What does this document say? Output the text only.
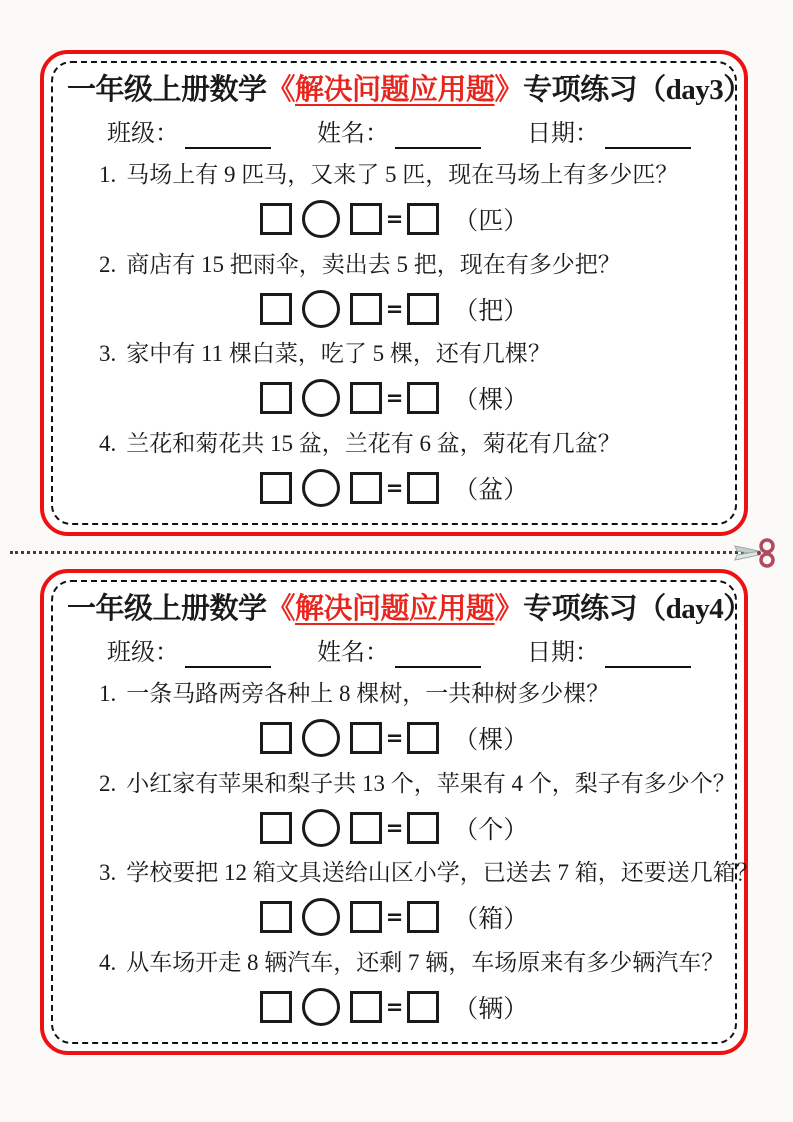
一年级上册数学《解决问题应用题》专项练习（day3）
班级：	姓名：	日期：
1. 马场上有 9 匹马，又来了 5 匹，现在马场上有多少匹？
= （匹）
2. 商店有 15 把雨伞，卖出去 5 把，现在有多少把？
= （把）
3. 家中有 11 棵白菜，吃了 5 棵，还有几棵？
= （棵）
4. 兰花和菊花共 15 盆，兰花有 6 盆，菊花有几盆？
= （盆）
一年级上册数学《解决问题应用题》专项练习（day4）
班级：	姓名：	日期：
1. 一条马路两旁各种上 8 棵树，一共种树多少棵？
= （棵）
2. 小红家有苹果和梨子共 13 个，苹果有 4 个，梨子有多少个？
= （个）
3. 学校要把 12 箱文具送给山区小学，已送去 7 箱，还要送几箱？
= （箱）
4. 从车场开走 8 辆汽车，还剩 7 辆，车场原来有多少辆汽车？
= （辆）
